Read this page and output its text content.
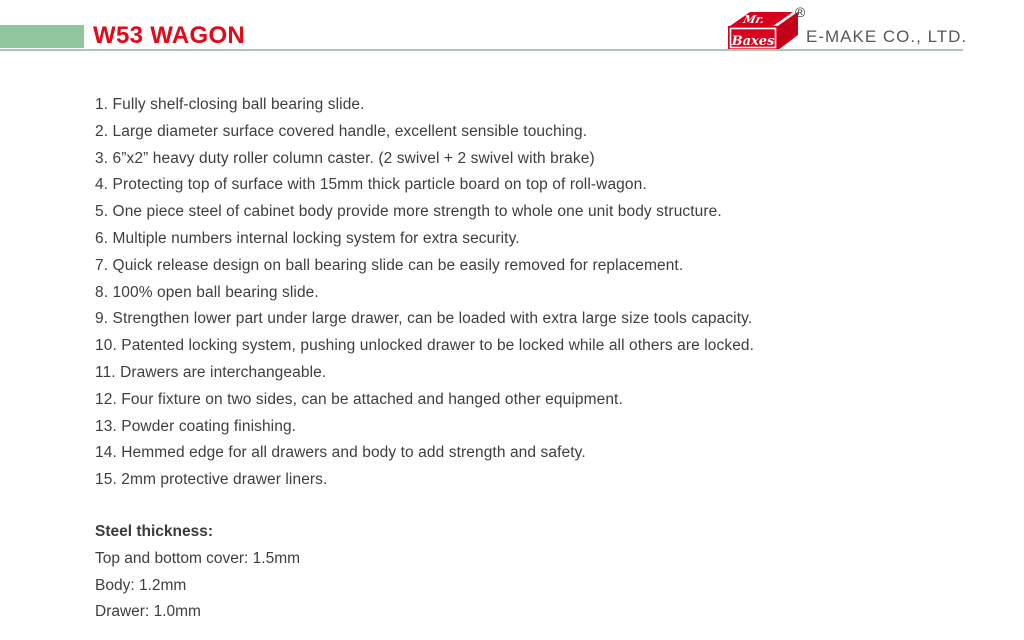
W53 WAGON
Mr.
Baxes
®
E-MAKE CO., LTD.
1. Fully shelf-closing ball bearing slide.
2. Large diameter surface covered handle, excellent sensible touching.
3. 6”x2” heavy duty roller column caster. (2 swivel + 2 swivel with brake)
4. Protecting top of surface with 15mm thick particle board on top of roll-wagon.
5. One piece steel of cabinet body provide more strength to whole one unit body structure.
6. Multiple numbers internal locking system for extra security.
7. Quick release design on ball bearing slide can be easily removed for replacement.
8. 100% open ball bearing slide.
9. Strengthen lower part under large drawer, can be loaded with extra large size tools capacity.
10. Patented locking system, pushing unlocked drawer to be locked while all others are locked.
11. Drawers are interchangeable.
12. Four fixture on two sides, can be attached and hanged other equipment.
13. Powder coating finishing.
14. Hemmed edge for all drawers and body to add strength and safety.
15. 2mm protective drawer liners.
Steel thickness:
Top and bottom cover: 1.5mm
Body: 1.2mm
Drawer: 1.0mm
